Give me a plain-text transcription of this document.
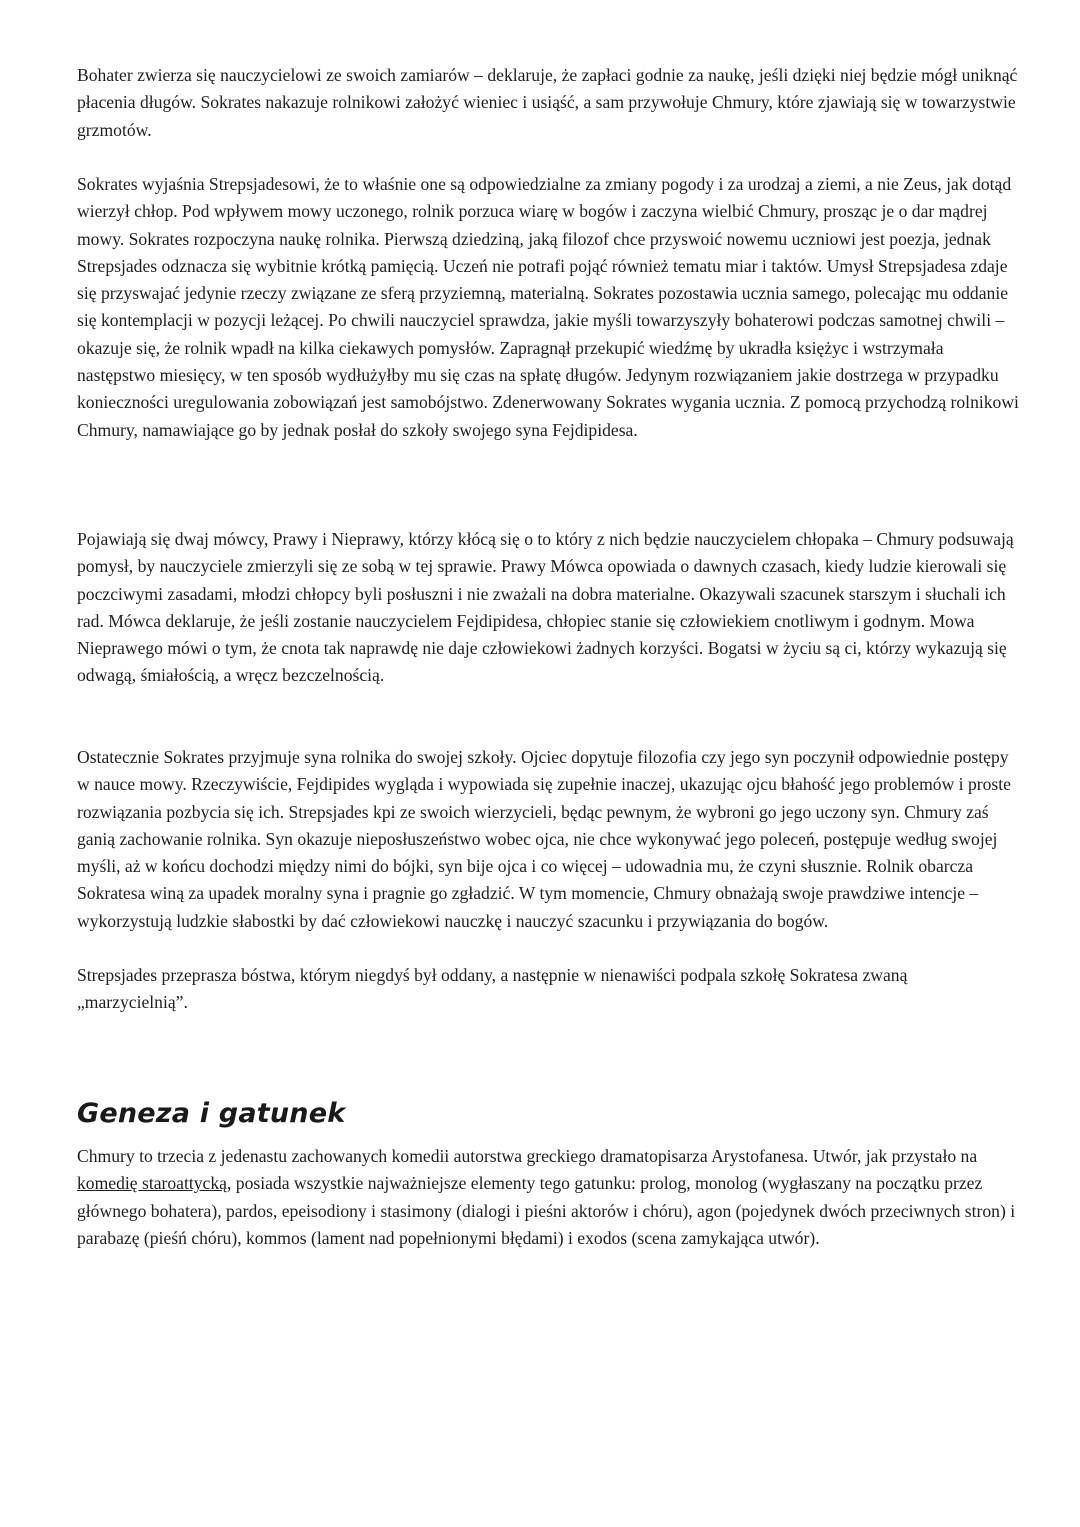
Bohater zwierza się nauczycielowi ze swoich zamiarów – deklaruje, że zapłaci godnie za naukę, jeśli dzięki niej będzie mógł uniknąć płacenia długów. Sokrates nakazuje rolnikowi założyć wieniec i usiąść, a sam przywołuje Chmury, które zjawiają się w towarzystwie grzmotów.

Sokrates wyjaśnia Strepsjadesowi, że to właśnie one są odpowiedzialne za zmiany pogody i za urodzaj a ziemi, a nie Zeus, jak dotąd wierzył chłop. Pod wpływem mowy uczonego, rolnik porzuca wiarę w bogów i zaczyna wielbić Chmury, prosząc je o dar mądrej mowy. Sokrates rozpoczyna naukę rolnika. Pierwszą dziedziną, jaką filozof chce przyswoić nowemu uczniowi jest poezja, jednak Strepsjades odznacza się wybitnie krótką pamięcią. Uczeń nie potrafi pojąć również tematu miar i taktów. Umysł Strepsjadesa zdaje się przyswajać jedynie rzeczy związane ze sferą przyziemną, materialną. Sokrates pozostawia ucznia samego, polecając mu oddanie się kontemplacji w pozycji leżącej. Po chwili nauczyciel sprawdza, jakie myśli towarzyszyły bohaterowi podczas samotnej chwili – okazuje się, że rolnik wpadł na kilka ciekawych pomysłów. Zapragnął przekupić wiedźmę by ukradła księżyc i wstrzymała następstwo miesięcy, w ten sposób wydłużyłby mu się czas na spłatę długów. Jedynym rozwiązaniem jakie dostrzega w przypadku konieczności uregulowania zobowiązań jest samobójstwo. Zdenerwowany Sokrates wygania ucznia. Z pomocą przychodzą rolnikowi Chmury, namawiające go by jednak posłał do szkoły swojego syna Fejdipidesa.

Pojawiają się dwaj mówcy, Prawy i Nieprawy, którzy kłócą się o to który z nich będzie nauczycielem chłopaka – Chmury podsuwają pomysł, by nauczyciele zmierzyli się ze sobą w tej sprawie. Prawy Mówca opowiada o dawnych czasach, kiedy ludzie kierowali się poczciwymi zasadami, młodzi chłopcy byli posłuszni i nie zważali na dobra materialne. Okazywali szacunek starszym i słuchali ich rad. Mówca deklaruje, że jeśli zostanie nauczycielem Fejdipidesa, chłopiec stanie się człowiekiem cnotliwym i godnym. Mowa Nieprawego mówi o tym, że cnota tak naprawdę nie daje człowiekowi żadnych korzyści. Bogatsi w życiu są ci, którzy wykazują się odwagą, śmiałością, a wręcz bezczelnością.

Ostatecznie Sokrates przyjmuje syna rolnika do swojej szkoły. Ojciec dopytuje filozofia czy jego syn poczynił odpowiednie postępy w nauce mowy. Rzeczywiście, Fejdipides wygląda i wypowiada się zupełnie inaczej, ukazując ojcu błahość jego problemów i proste rozwiązania pozbycia się ich. Strepsjades kpi ze swoich wierzycieli, będąc pewnym, że wybroni go jego uczony syn. Chmury zaś ganią zachowanie rolnika. Syn okazuje nieposłuszeństwo wobec ojca, nie chce wykonywać jego poleceń, postępuje według swojej myśli, aż w końcu dochodzi między nimi do bójki, syn bije ojca i co więcej – udowadnia mu, że czyni słusznie. Rolnik obarcza Sokratesa winą za upadek moralny syna i pragnie go zgładzić. W tym momencie, Chmury obnażają swoje prawdziwe intencje – wykorzystują ludzkie słabostki by dać człowiekowi nauczkę i nauczyć szacunku i przywiązania do bogów.

Strepsjades przeprasza bóstwa, którym niegdyś był oddany, a następnie w nienawiści podpala szkołę Sokratesa zwaną „marzycielnią”.

Geneza i gatunek

Chmury to trzecia z jedenastu zachowanych komedii autorstwa greckiego dramatopisarza Arystofanesa. Utwór, jak przystało na komedię staroattycką, posiada wszystkie najważniejsze elementy tego gatunku: prolog, monolog (wygłaszany na początku przez głównego bohatera), pardos, epeisodiony i stasimony (dialogi i pieśni aktorów i chóru), agon (pojedynek dwóch przeciwnych stron) i parabazę (pieśń chóru), kommos (lament nad popełnionymi błędami) i exodos (scena zamykająca utwór).
